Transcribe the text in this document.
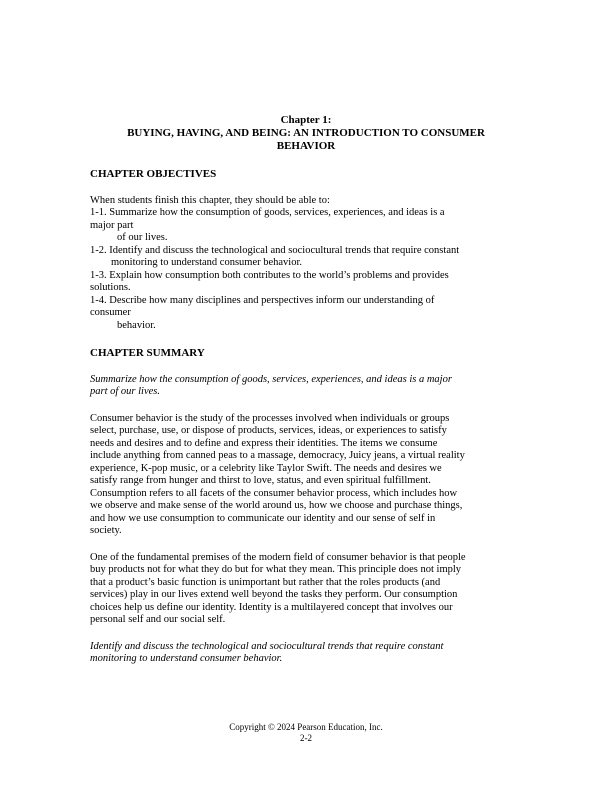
Chapter 1:
BUYING, HAVING, AND BEING: AN INTRODUCTION TO CONSUMER
BEHAVIOR
CHAPTER OBJECTIVES
When students finish this chapter, they should be able to:
1-1. Summarize how the consumption of goods, services, experiences, and ideas is a
major part
of our lives.
1-2. Identify and discuss the technological and sociocultural trends that require constant
monitoring to understand consumer behavior.
1-3. Explain how consumption both contributes to the world’s problems and provides
solutions.
1-4. Describe how many disciplines and perspectives inform our understanding of
consumer
behavior.
CHAPTER SUMMARY
Summarize how the consumption of goods, services, experiences, and ideas is a major
part of our lives.
Consumer behavior is the study of the processes involved when individuals or groups
select, purchase, use, or dispose of products, services, ideas, or experiences to satisfy
needs and desires and to define and express their identities. The items we consume
include anything from canned peas to a massage, democracy, Juicy jeans, a virtual reality
experience, K-pop music, or a celebrity like Taylor Swift. The needs and desires we
satisfy range from hunger and thirst to love, status, and even spiritual fulfillment.
Consumption refers to all facets of the consumer behavior process, which includes how
we observe and make sense of the world around us, how we choose and purchase things,
and how we use consumption to communicate our identity and our sense of self in
society.
One of the fundamental premises of the modern field of consumer behavior is that people
buy products not for what they do but for what they mean. This principle does not imply
that a product’s basic function is unimportant but rather that the roles products (and
services) play in our lives extend well beyond the tasks they perform. Our consumption
choices help us define our identity. Identity is a multilayered concept that involves our
personal self and our social self.
Identify and discuss the technological and sociocultural trends that require constant
monitoring to understand consumer behavior.
Copyright © 2024 Pearson Education, Inc.
2-2
